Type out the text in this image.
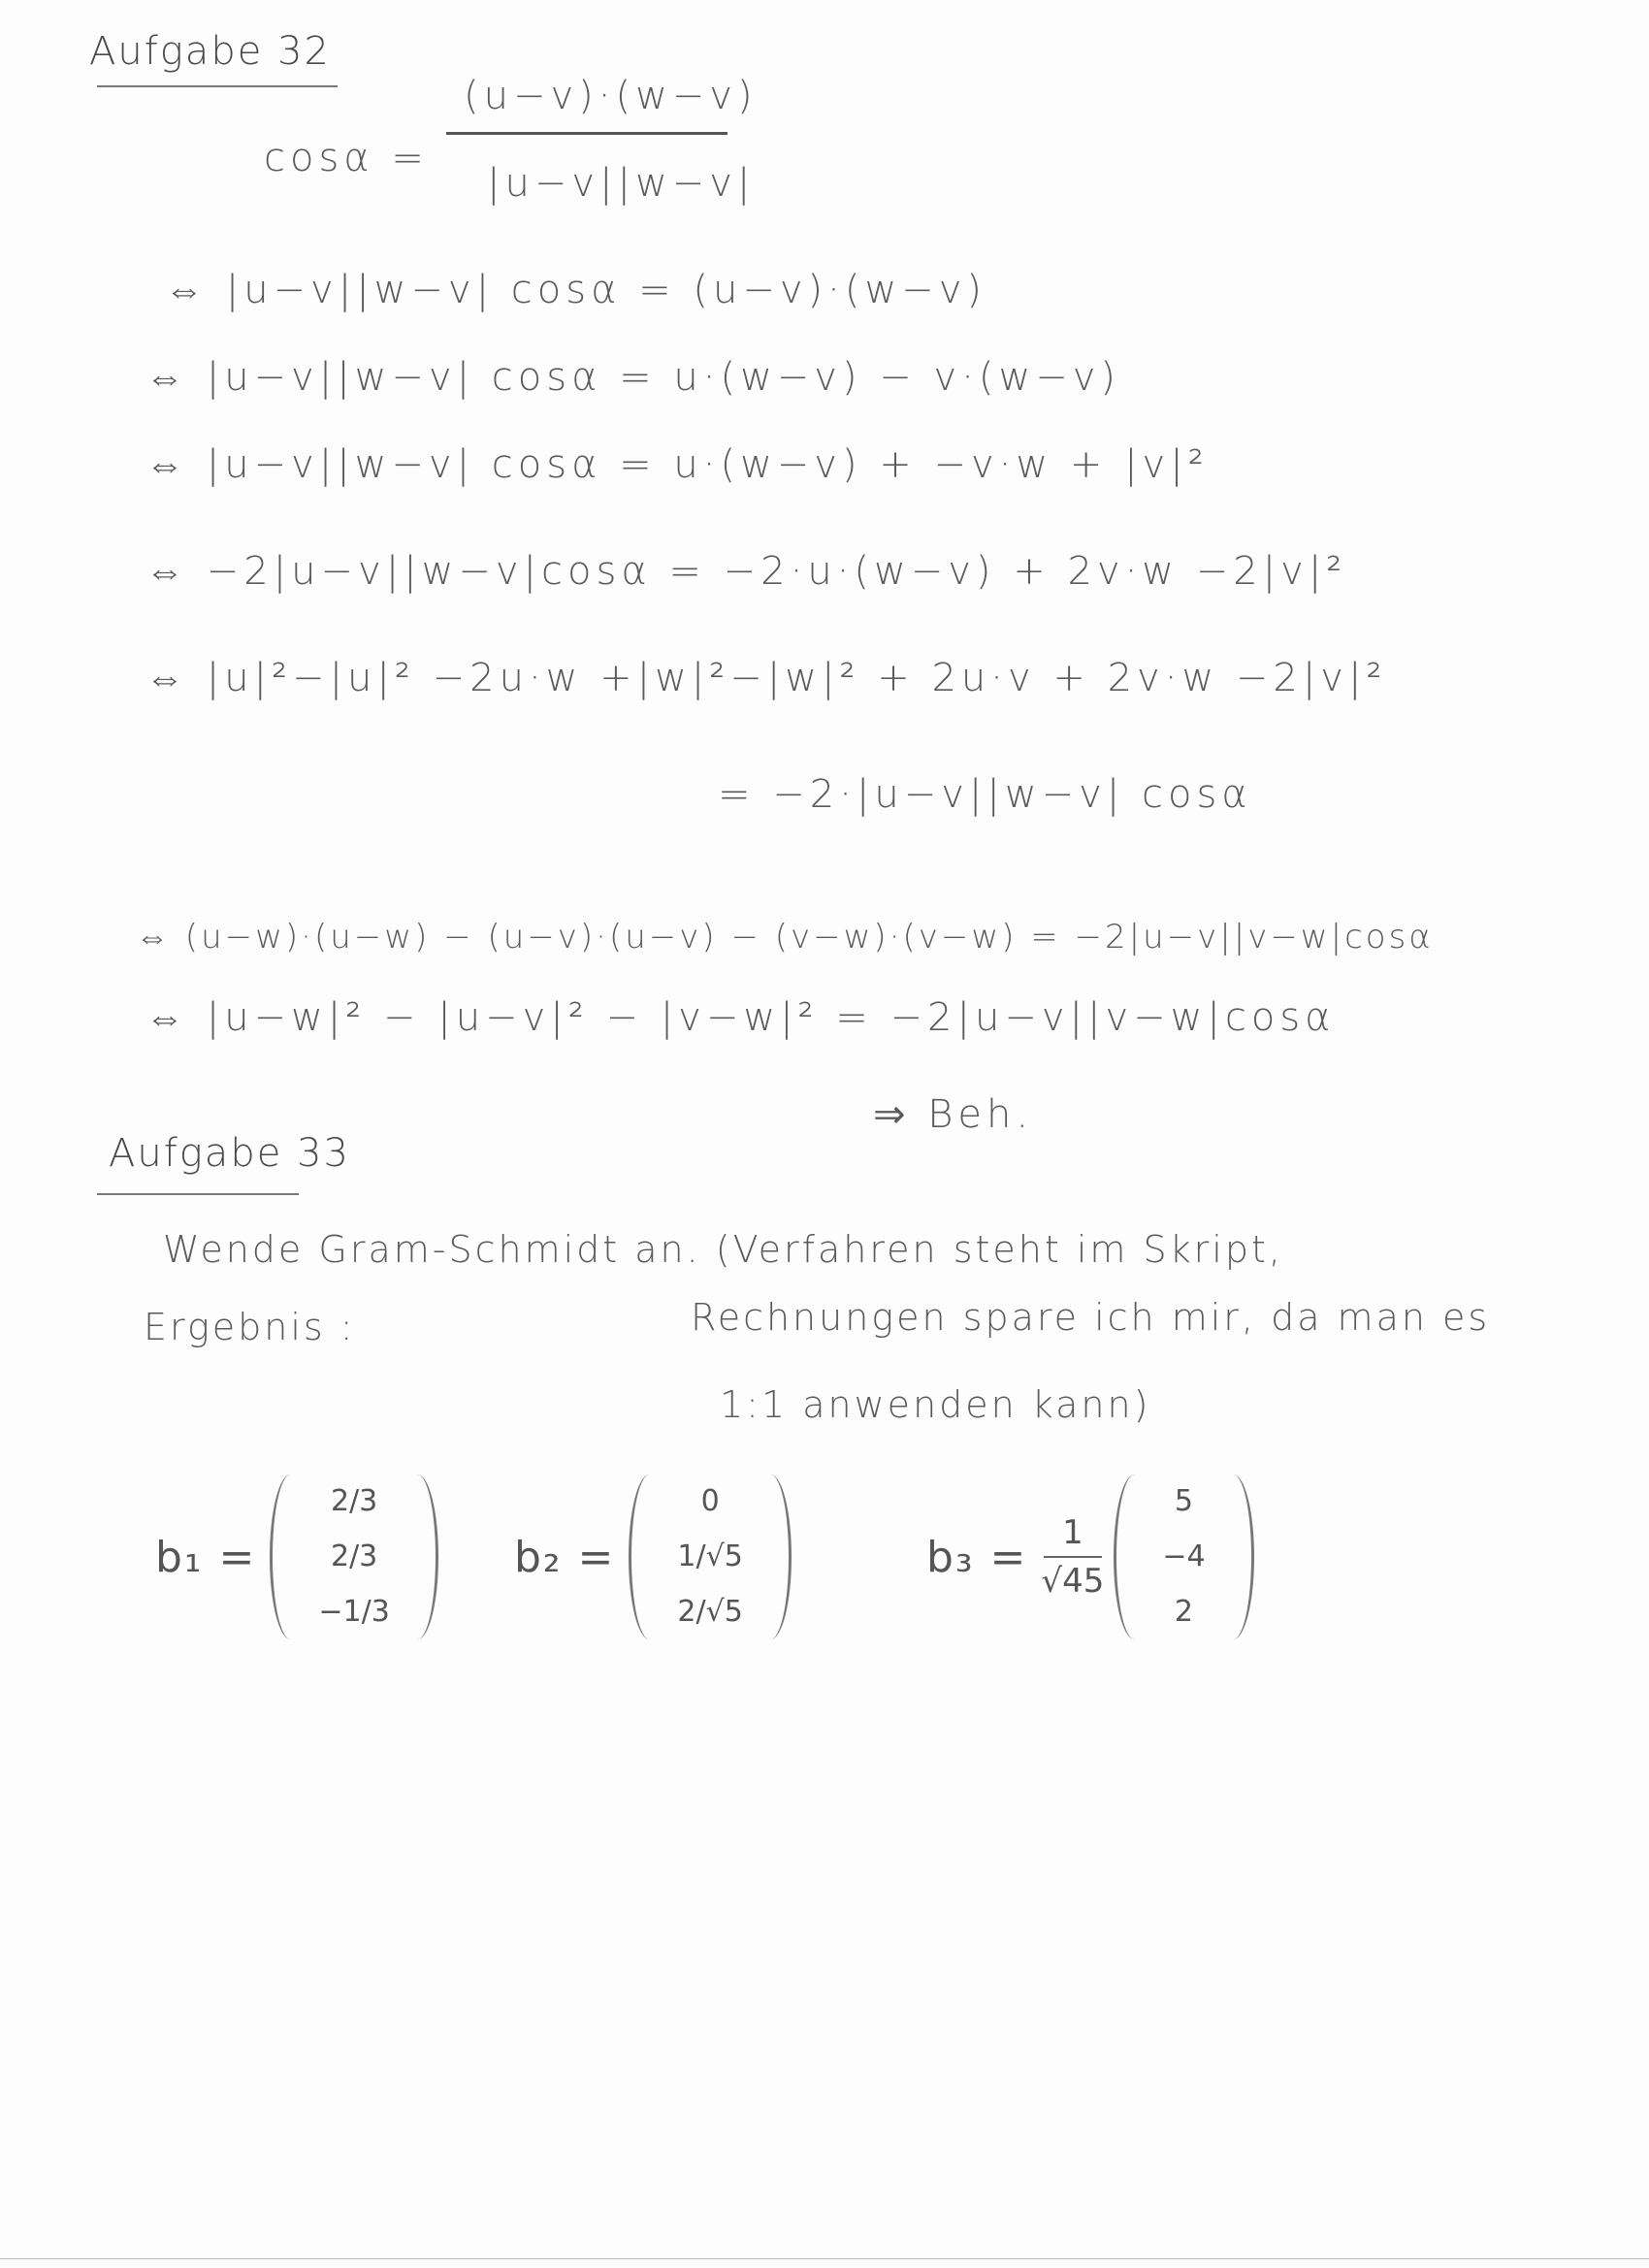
Aufgabe 32
cosα =
(u−v)·(w−v)
|u−v||w−v|
⇔ |u−v||w−v| cosα = (u−v)·(w−v)
⇔ |u−v||w−v| cosα = u·(w−v) − v·(w−v)
⇔ |u−v||w−v| cosα = u·(w−v) + −v·w + |v|²
⇔ −2|u−v||w−v|cosα = −2·u·(w−v) + 2v·w −2|v|²
⇔ |u|²−|u|² −2u·w +|w|²−|w|² + 2u·v + 2v·w −2|v|²
= −2·|u−v||w−v| cosα
⇔ (u−w)·(u−w) − (u−v)·(u−v) − (v−w)·(v−w) = −2|u−v||v−w|cosα
⇔ |u−w|² − |u−v|² − |v−w|² = −2|u−v||v−w|cosα
⇒ Beh.
Aufgabe 33
Wende Gram-Schmidt an. (Verfahren steht im Skript,
Ergebnis :	Rechnungen spare ich mir, da man es
1:1 anwenden kann)
b₁ =
2/3
2/3
−1/3
b₂ =
0
1/√5
2/√5
$b_3 = \frac{1}{√45}$
5
−4
2
